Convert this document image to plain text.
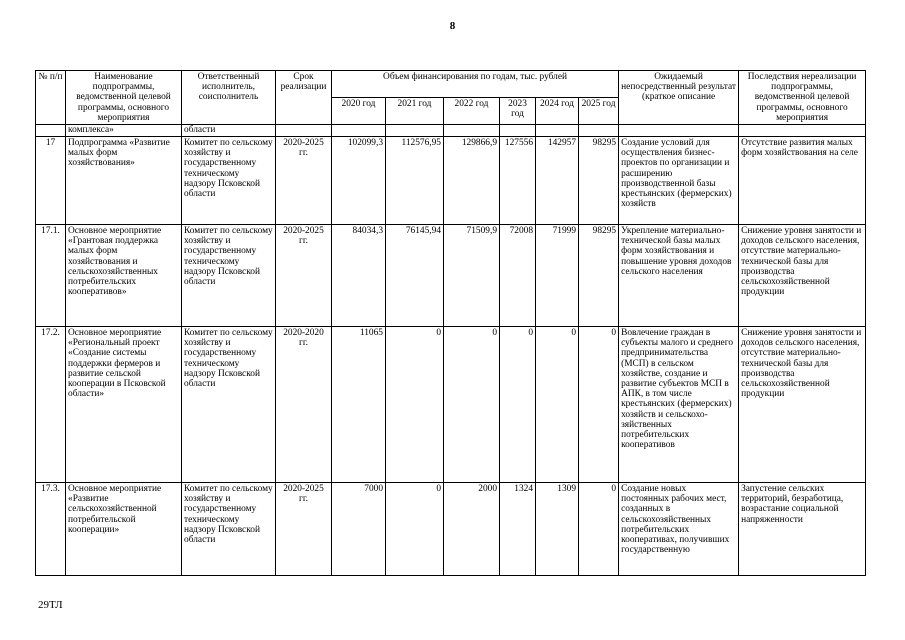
8
№ п/п	Наименование подпрограммы, ведомственной целевой программы, основного мероприятия	Ответственный исполнитель, соисполнитель	Срок реализации	Объем финансирования по годам, тыс. рублей						Ожидаемый непосредственный результат (краткое описание	Последствия нереализации подпрограммы, ведомственной целевой программы, основного мероприятия
				2020 год	2021 год	2022 год	2023 год	2024 год	2025 год		
	комплекса»	области									
17	Подпрограмма «Развитие малых форм хозяйствования»	Комитет по сельскому хозяйству и государственному техническому надзору Псковской области	2020-2025 гг.	102099,3	112576,95	129866,9	127556	142957	98295	Создание условий для осуществления бизнес-проектов по организации и расширению производственной базы крестьянских (фермерских) хозяйств	Отсутствие развития малых форм хозяйствования на селе
17.1.	Основное мероприятие «Грантовая поддержка малых форм хозяйствования и сельскохозяйственных потребительских кооперативов»	Комитет по сельскому хозяйству и государственному техническому надзору Псковской области	2020-2025 гг.	84034,3	76145,94	71509,9	72008	71999	98295	Укрепление материально-технической базы малых форм хозяйствования и повышение уровня доходов сельского населения	Снижение уровня занятости и доходов сельского населения, отсутствие материально-технической базы для производства сельскохозяйственной продукции
17.2.	Основное мероприятие «Региональный проект «Создание системы поддержки фермеров и развитие сельской кооперации в Псковской области»	Комитет по сельскому хозяйству и государственному техническому надзору Псковской области	2020-2020 гг.	11065	0	0	0	0	0	Вовлечение граждан в субъекты малого и среднего предпринимательства (МСП) в сельском хозяйстве, создание и развитие субъектов МСП в АПК, в том числе крестьянских (фермерских) хозяйств и сельскохо-зяйственных потребительских кооперативов	Снижение уровня занятости и доходов сельского населения, отсутствие материально-технической базы для производства сельскохозяйственной продукции
17.3.	Основное мероприятие «Развитие сельскохозяйственной потребительской кооперации»	Комитет по сельскому хозяйству и государственному техническому надзору Псковской области	2020-2025 гг.	7000	0	2000	1324	1309	0	Создание новых постоянных рабочих мест, созданных в сельскохозяйственных потребительских кооперативах, получивших государственную	Запустение сельских территорий, безработица, возрастание социальной напряженности
29ТЛ
